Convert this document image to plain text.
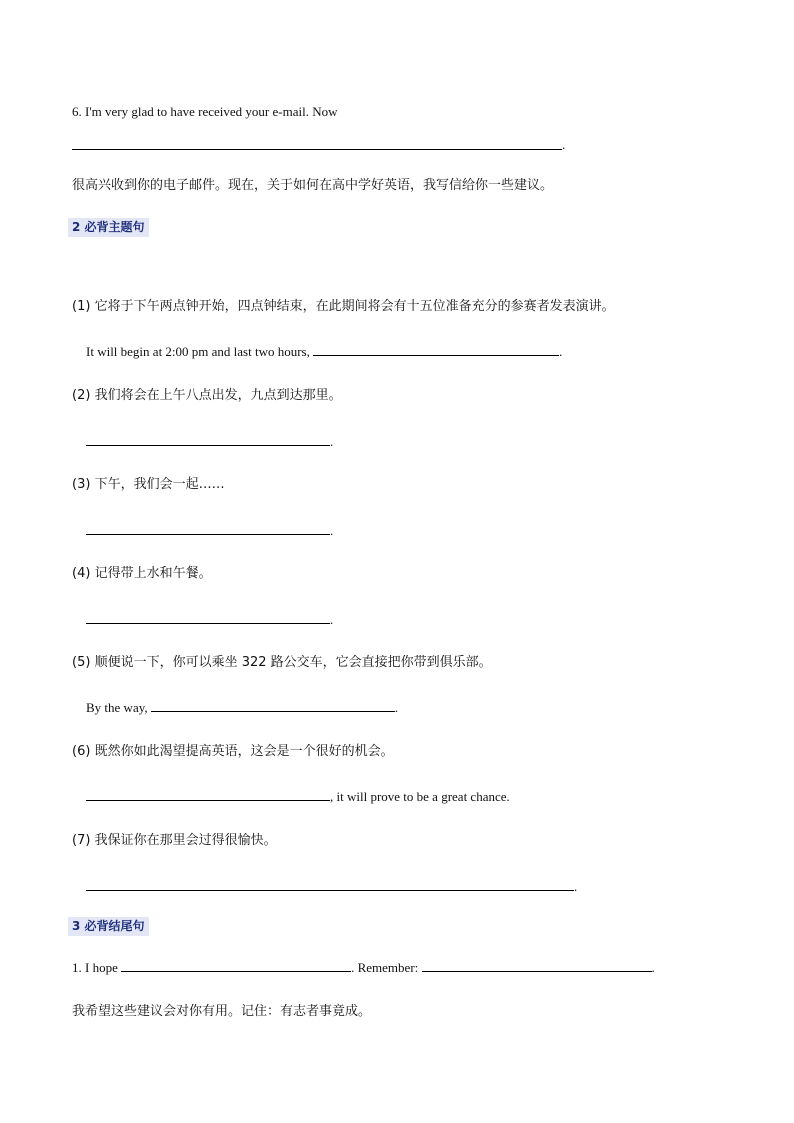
6. I'm very glad to have received your e-mail. Now
.
很高兴收到你的电子邮件。现在，关于如何在高中学好英语，我写信给你一些建议。
2 必背主题句
(1) 它将于下午两点钟开始，四点钟结束，在此期间将会有十五位准备充分的参赛者发表演讲。
It will begin at 2:00 pm and last two hours,	.
(2) 我们将会在上午八点出发，九点到达那里。
.
(3) 下午，我们会一起……
.
(4) 记得带上水和午餐。
.
(5) 顺便说一下，你可以乘坐 322 路公交车，它会直接把你带到俱乐部。
By the way,	.
(6) 既然你如此渴望提高英语，这会是一个很好的机会。
, it will prove to be a great chance.
(7) 我保证你在那里会过得很愉快。
.
3 必背结尾句
1. I hope	. Remember:	.
我希望这些建议会对你有用。记住：有志者事竟成。
